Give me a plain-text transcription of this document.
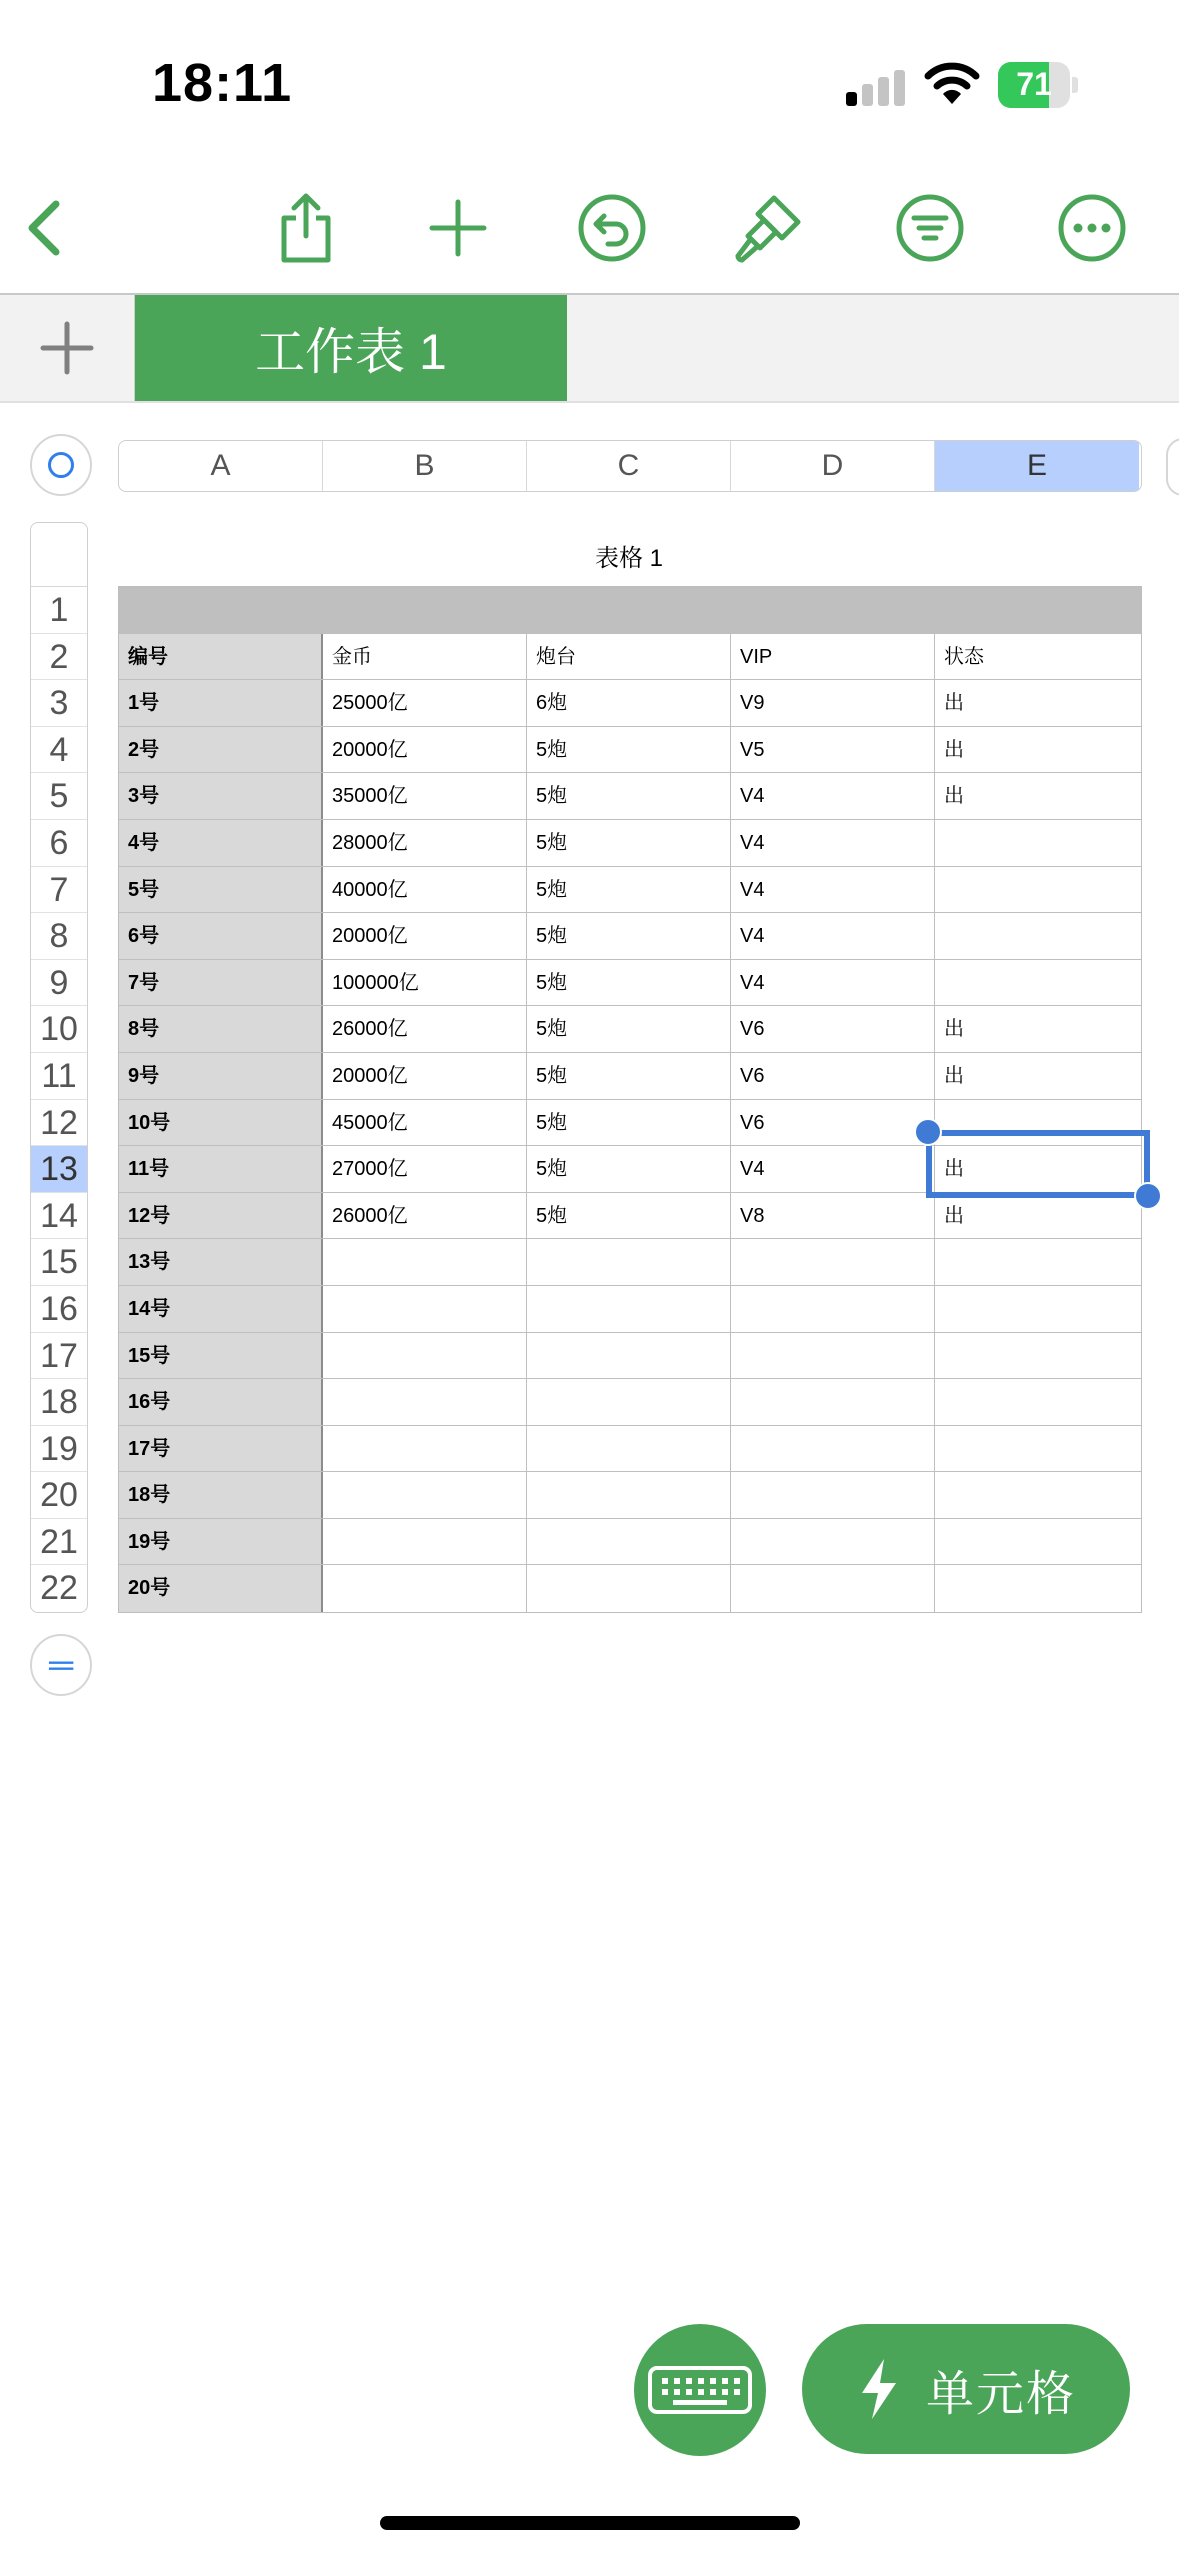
18:11	71
工作表 1
A	B	C	D	E
1
2
3
4
5
6
7
8
9
10
11
12
13
14
15
16
17
18
19
20
21
22
═
表格 1
编号	金币	炮台	VIP	状态
1号	25000亿	6炮	V9	出
2号	20000亿	5炮	V5	出
3号	35000亿	5炮	V4	出
4号	28000亿	5炮	V4
5号	40000亿	5炮	V4
6号	20000亿	5炮	V4
7号	100000亿	5炮	V4
8号	26000亿	5炮	V6	出
9号	20000亿	5炮	V6	出
10号	45000亿	5炮	V6
11号	27000亿	5炮	V4	出
12号	26000亿	5炮	V8	出
13号
14号
15号
16号
17号
18号
19号
20号
单元格
